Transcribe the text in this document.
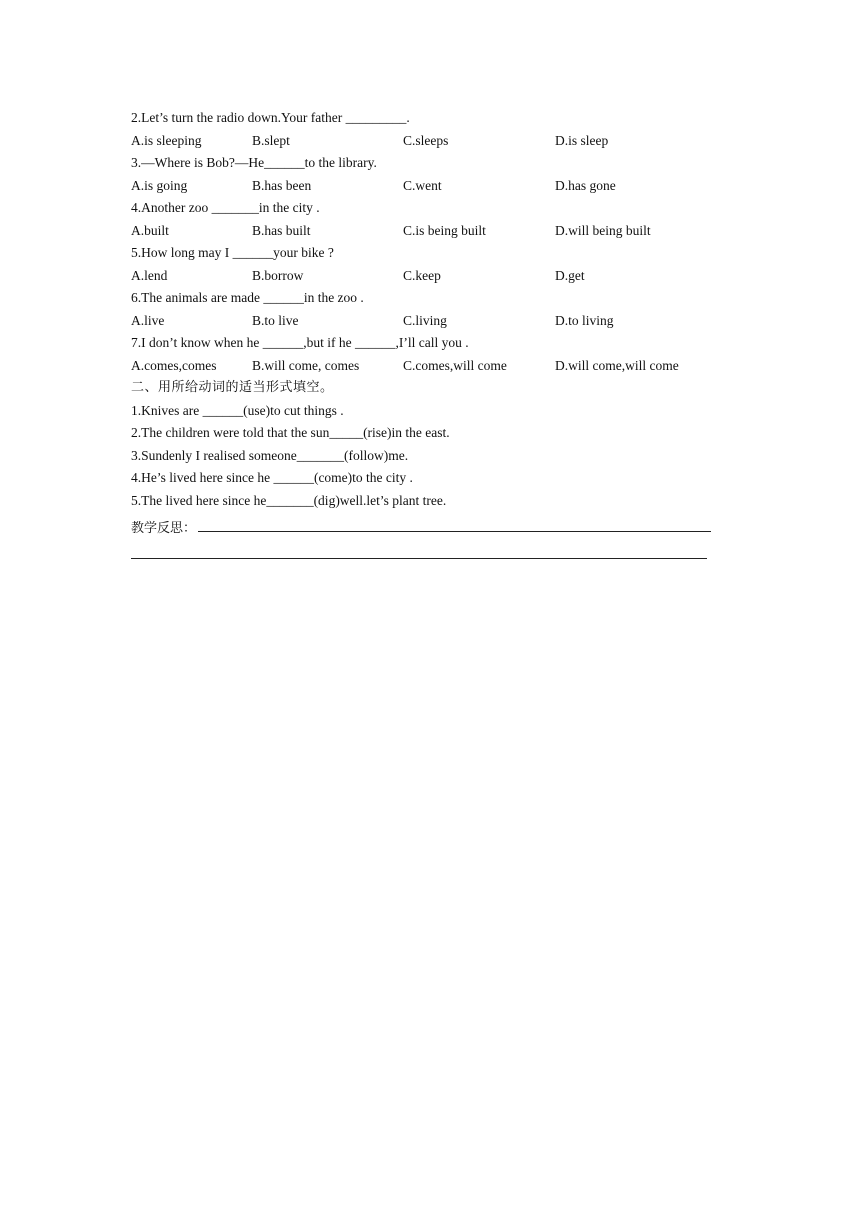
2.Let’s turn the radio down.Your father _________.
A.is sleeping	B.slept	C.sleeps	D.is sleep
3.—Where is Bob?—He______to the library.
A.is going	B.has been	C.went	D.has gone
4.Another zoo _______in the city .
A.built	B.has built	C.is being built	D.will being built
5.How long may I ______your bike ?
A.lend	B.borrow	C.keep	D.get
6.The animals are made ______in the zoo .
A.live	B.to live	C.living	D.to living
7.I don’t know when he ______,but if he ______,I’ll call you .
A.comes,comes	B.will come, comes	C.comes,will come	D.will come,will come
二、用所给动词的适当形式填空。
1.Knives are ______(use)to cut things .
2.The children were told that the sun_____(rise)in the east.
3.Sundenly I realised someone_______(follow)me.
4.He’s lived here since he ______(come)to the city .
5.The lived here since he_______(dig)well.let’s plant tree.
教学反思：
